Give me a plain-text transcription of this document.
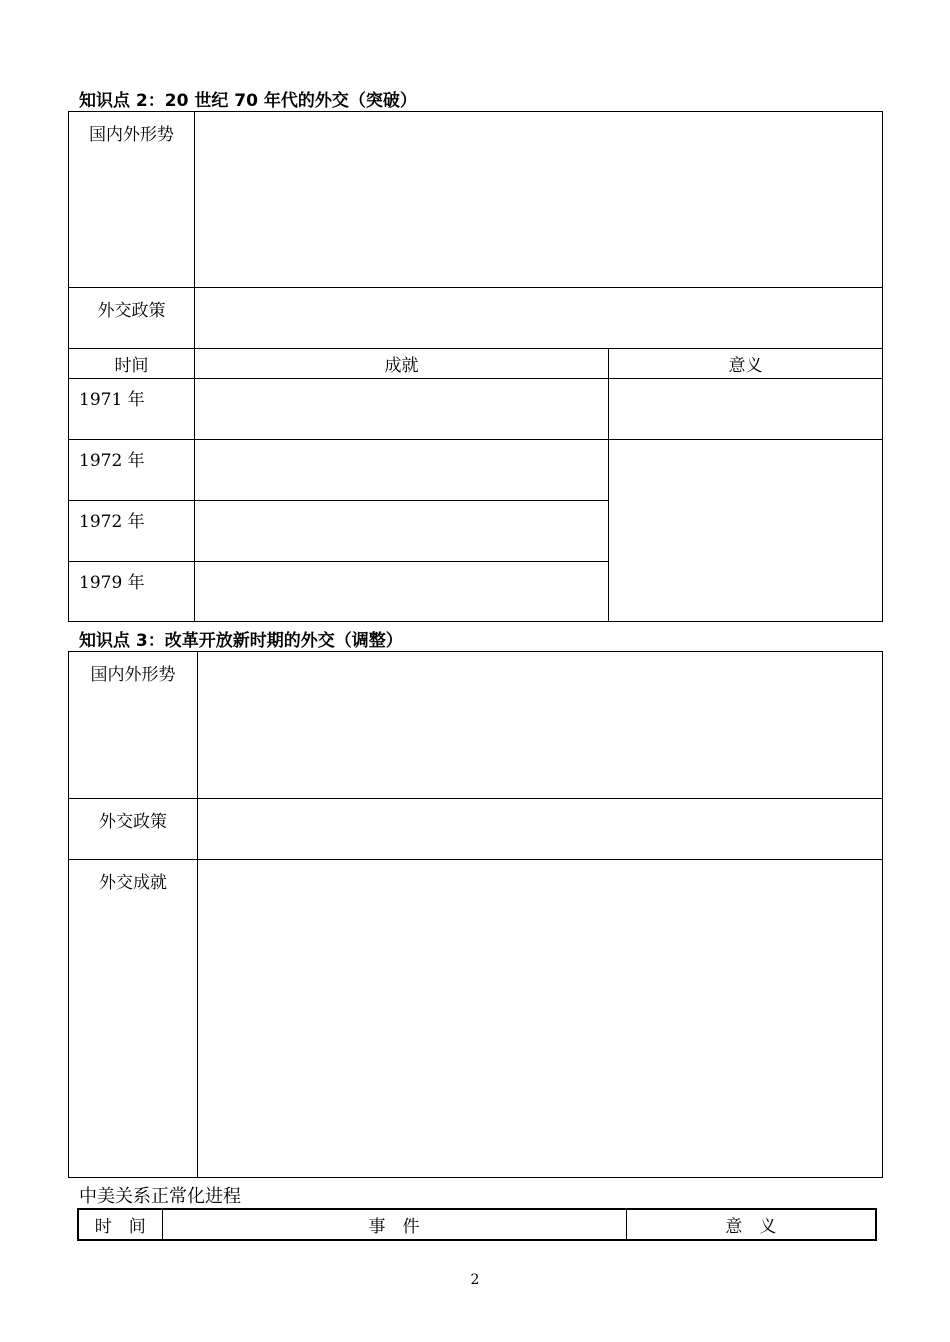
知识点 2：20 世纪 70 年代的外交（突破）
国内外形势		
外交政策		
时间	成就	意义
1971 年		
1972 年		
1972 年		
1979 年		
知识点 3：改革开放新时期的外交（调整）
国内外形势	
外交政策	
外交成就	
中美关系正常化进程
时　间	事　件	意　义
2
